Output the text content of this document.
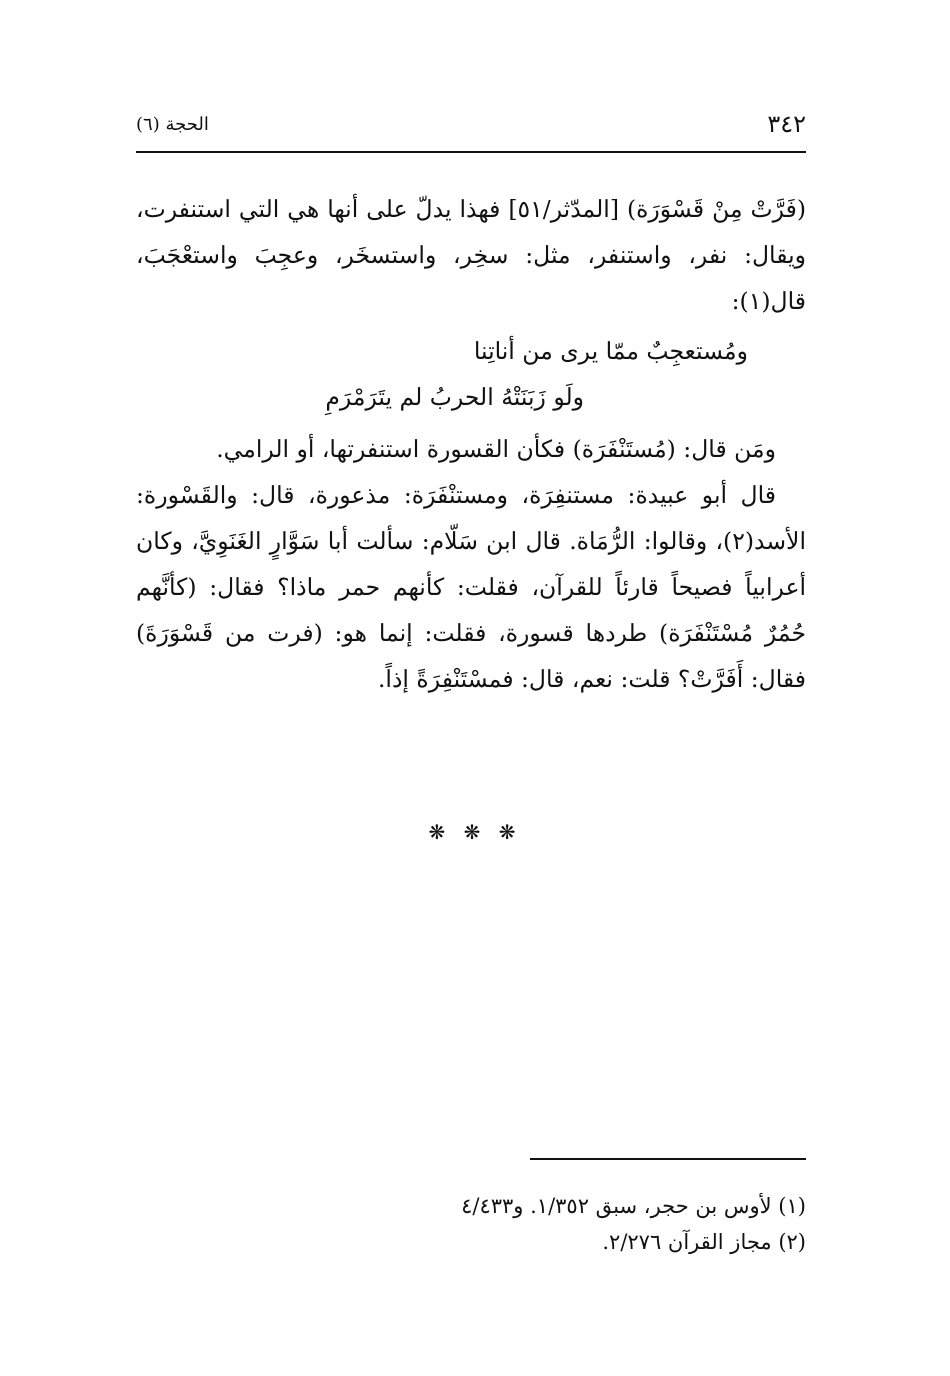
٣٤٢
الحجة (٦)

(فَرَّتْ مِنْ قَسْوَرَة) [المدّثر/٥١] فهذا يدلّ على أنها هي التي استنفرت، ويقال: نفر، واستنفر، مثل: سخِر، واستسخَر، وعجِبَ واستعْجَبَ، قال(١):

ومُستعجِبٌ ممّا يرى من أناتِنا
ولَو زَبَنَتْهُ الحربُ لم يتَرَمْرَمِ

ومَن قال: (مُستَنْفَرَة) فكأن القسورة استنفرتها، أو الرامي.

قال أبو عبيدة: مستنفِرَة، ومستنْفَرَة: مذعورة، قال: والقَسْورة: الأسد(٢)، وقالوا: الرُّمَاة. قال ابن سَلّام: سألت أبا سَوَّارٍ الغَنَوِيَّ، وكان أعرابياً فصيحاً قارئاً للقرآن، فقلت: كأنهم حمر ماذا؟ فقال: (كأنَّهم حُمُرٌ مُسْتَنْفَرَة) طردها قسورة، فقلت: إنما هو: (فرت من قَسْوَرَةَ) فقال: أَفَرَّتْ؟ قلت: نعم، قال: فمسْتَنْفِرَةً إذاً.

❋ ❋ ❋

(١) لأوس بن حجر، سبق ١/٣٥٢. و٤/٤٣٣

(٢) مجاز القرآن ٢/٢٧٦.
